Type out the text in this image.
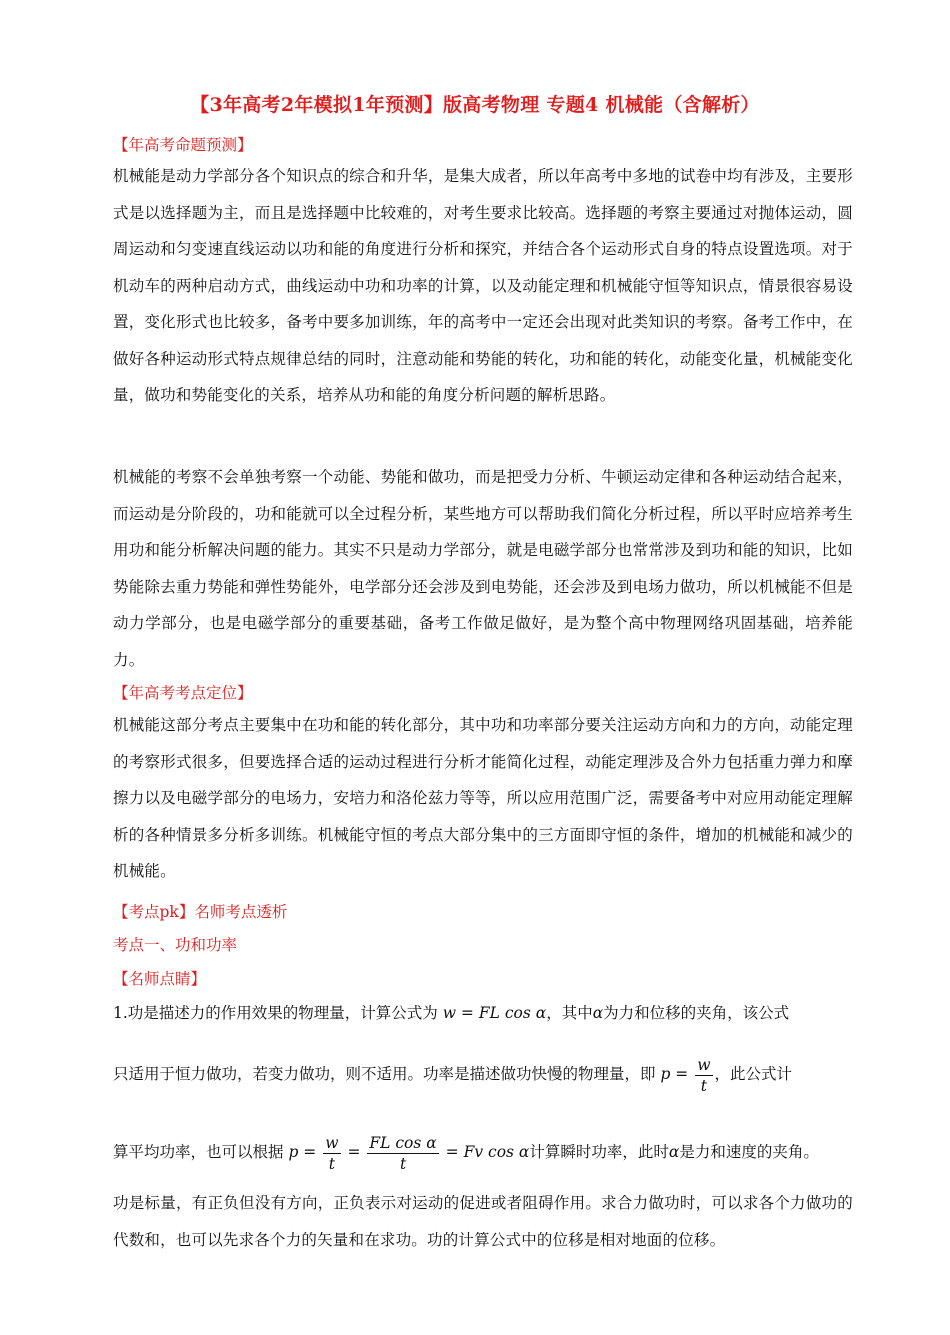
【3年高考2年模拟1年预测】版高考物理 专题4 机械能（含解析）
【年高考命题预测】
机械能是动力学部分各个知识点的综合和升华，是集大成者，所以年高考中多地的试卷中均有涉及，主要形式是以选择题为主，而且是选择题中比较难的，对考生要求比较高。选择题的考察主要通过对抛体运动，圆周运动和匀变速直线运动以功和能的角度进行分析和探究，并结合各个运动形式自身的特点设置选项。对于机动车的两种启动方式，曲线运动中功和功率的计算，以及动能定理和机械能守恒等知识点，情景很容易设置，变化形式也比较多，备考中要多加训练，年的高考中一定还会出现对此类知识的考察。备考工作中，在做好各种运动形式特点规律总结的同时，注意动能和势能的转化，功和能的转化，动能变化量，机械能变化量，做功和势能变化的关系，培养从功和能的角度分析问题的解析思路。
机械能的考察不会单独考察一个动能、势能和做功，而是把受力分析、牛顿运动定律和各种运动结合起来，而运动是分阶段的，功和能就可以全过程分析，某些地方可以帮助我们简化分析过程，所以平时应培养考生用功和能分析解决问题的能力。其实不只是动力学部分，就是电磁学部分也常常涉及到功和能的知识，比如势能除去重力势能和弹性势能外，电学部分还会涉及到电势能，还会涉及到电场力做功，所以机械能不但是动力学部分，也是电磁学部分的重要基础，备考工作做足做好，是为整个高中物理网络巩固基础，培养能力。
【年高考考点定位】
机械能这部分考点主要集中在功和能的转化部分，其中功和功率部分要关注运动方向和力的方向，动能定理的考察形式很多，但要选择合适的运动过程进行分析才能简化过程，动能定理涉及合外力包括重力弹力和摩擦力以及电磁学部分的电场力，安培力和洛伦兹力等等，所以应用范围广泛，需要备考中对应用动能定理解析的各种情景多分析多训练。机械能守恒的考点大部分集中的三方面即守恒的条件，增加的机械能和减少的机械能。
【考点pk】名师考点透析
考点一、功和功率
【名师点睛】
1.功是描述力的作用效果的物理量，计算公式为 w = FL cos α，其中α为力和位移的夹角，该公式
只适用于恒力做功，若变力做功，则不适用。功率是描述做功快慢的物理量，即 $p = \frac{w}{t}$ ，此公式计
算平均功率，也可以根据 $p = \frac{w}{t} = \frac{\text{FL cos α}}{t} = Fv$ cos α计算瞬时功率，此时α是力和速度的夹角。
功是标量，有正负但没有方向，正负表示对运动的促进或者阻碍作用。求合力做功时，可以求各个力做功的代数和，也可以先求各个力的矢量和在求功。功的计算公式中的位移是相对地面的位移。
